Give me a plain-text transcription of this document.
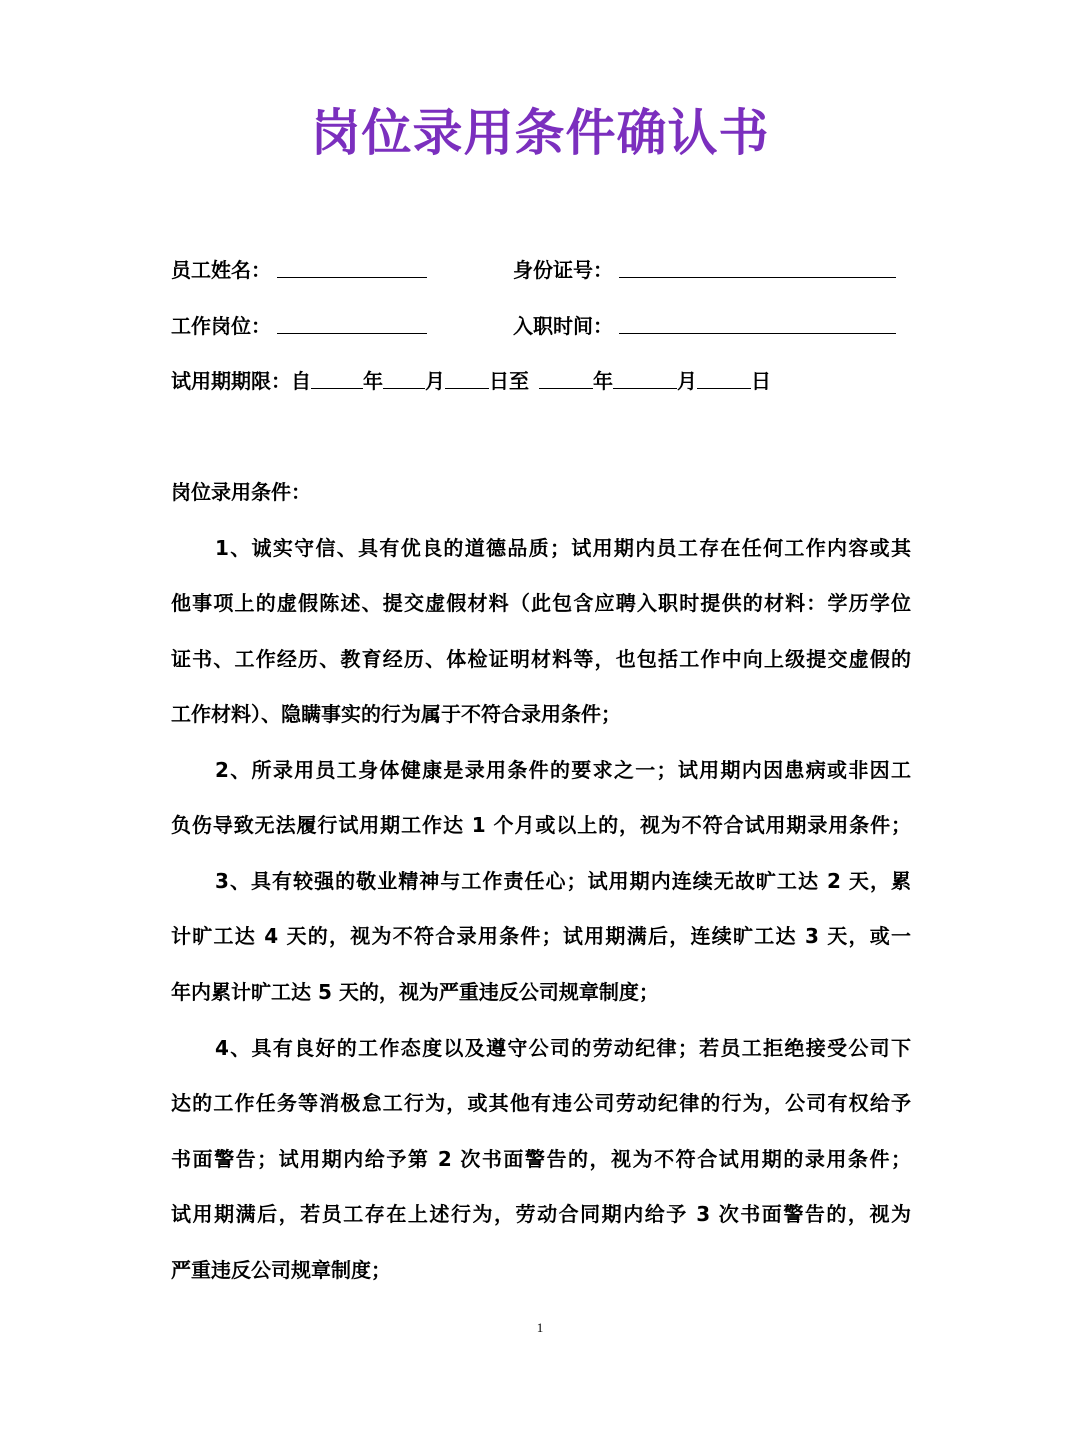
岗位录用条件确认书
员工姓名：	身份证号：
工作岗位：	入职时间：
试用期期限：自	年 月 日至	年	月	日
岗位录用条件：
1、诚实守信、具有优良的道德品质；试用期内员工存在任何工作内容或其
他事项上的虚假陈述、提交虚假材料（此包含应聘入职时提供的材料：学历学位
证书、工作经历、教育经历、体检证明材料等，也包括工作中向上级提交虚假的
工作材料）、隐瞒事实的行为属于不符合录用条件；
2、所录用员工身体健康是录用条件的要求之一；试用期内因患病或非因工
负伤导致无法履行试用期工作达 1 个月或以上的，视为不符合试用期录用条件；
3、具有较强的敬业精神与工作责任心；试用期内连续无故旷工达 2 天，累
计旷工达 4 天的，视为不符合录用条件；试用期满后，连续旷工达 3 天，或一
年内累计旷工达 5 天的，视为严重违反公司规章制度；
4、具有良好的工作态度以及遵守公司的劳动纪律；若员工拒绝接受公司下
达的工作任务等消极怠工行为，或其他有违公司劳动纪律的行为，公司有权给予
书面警告；试用期内给予第 2 次书面警告的，视为不符合试用期的录用条件；
试用期满后，若员工存在上述行为，劳动合同期内给予 3 次书面警告的，视为
严重违反公司规章制度；
1
